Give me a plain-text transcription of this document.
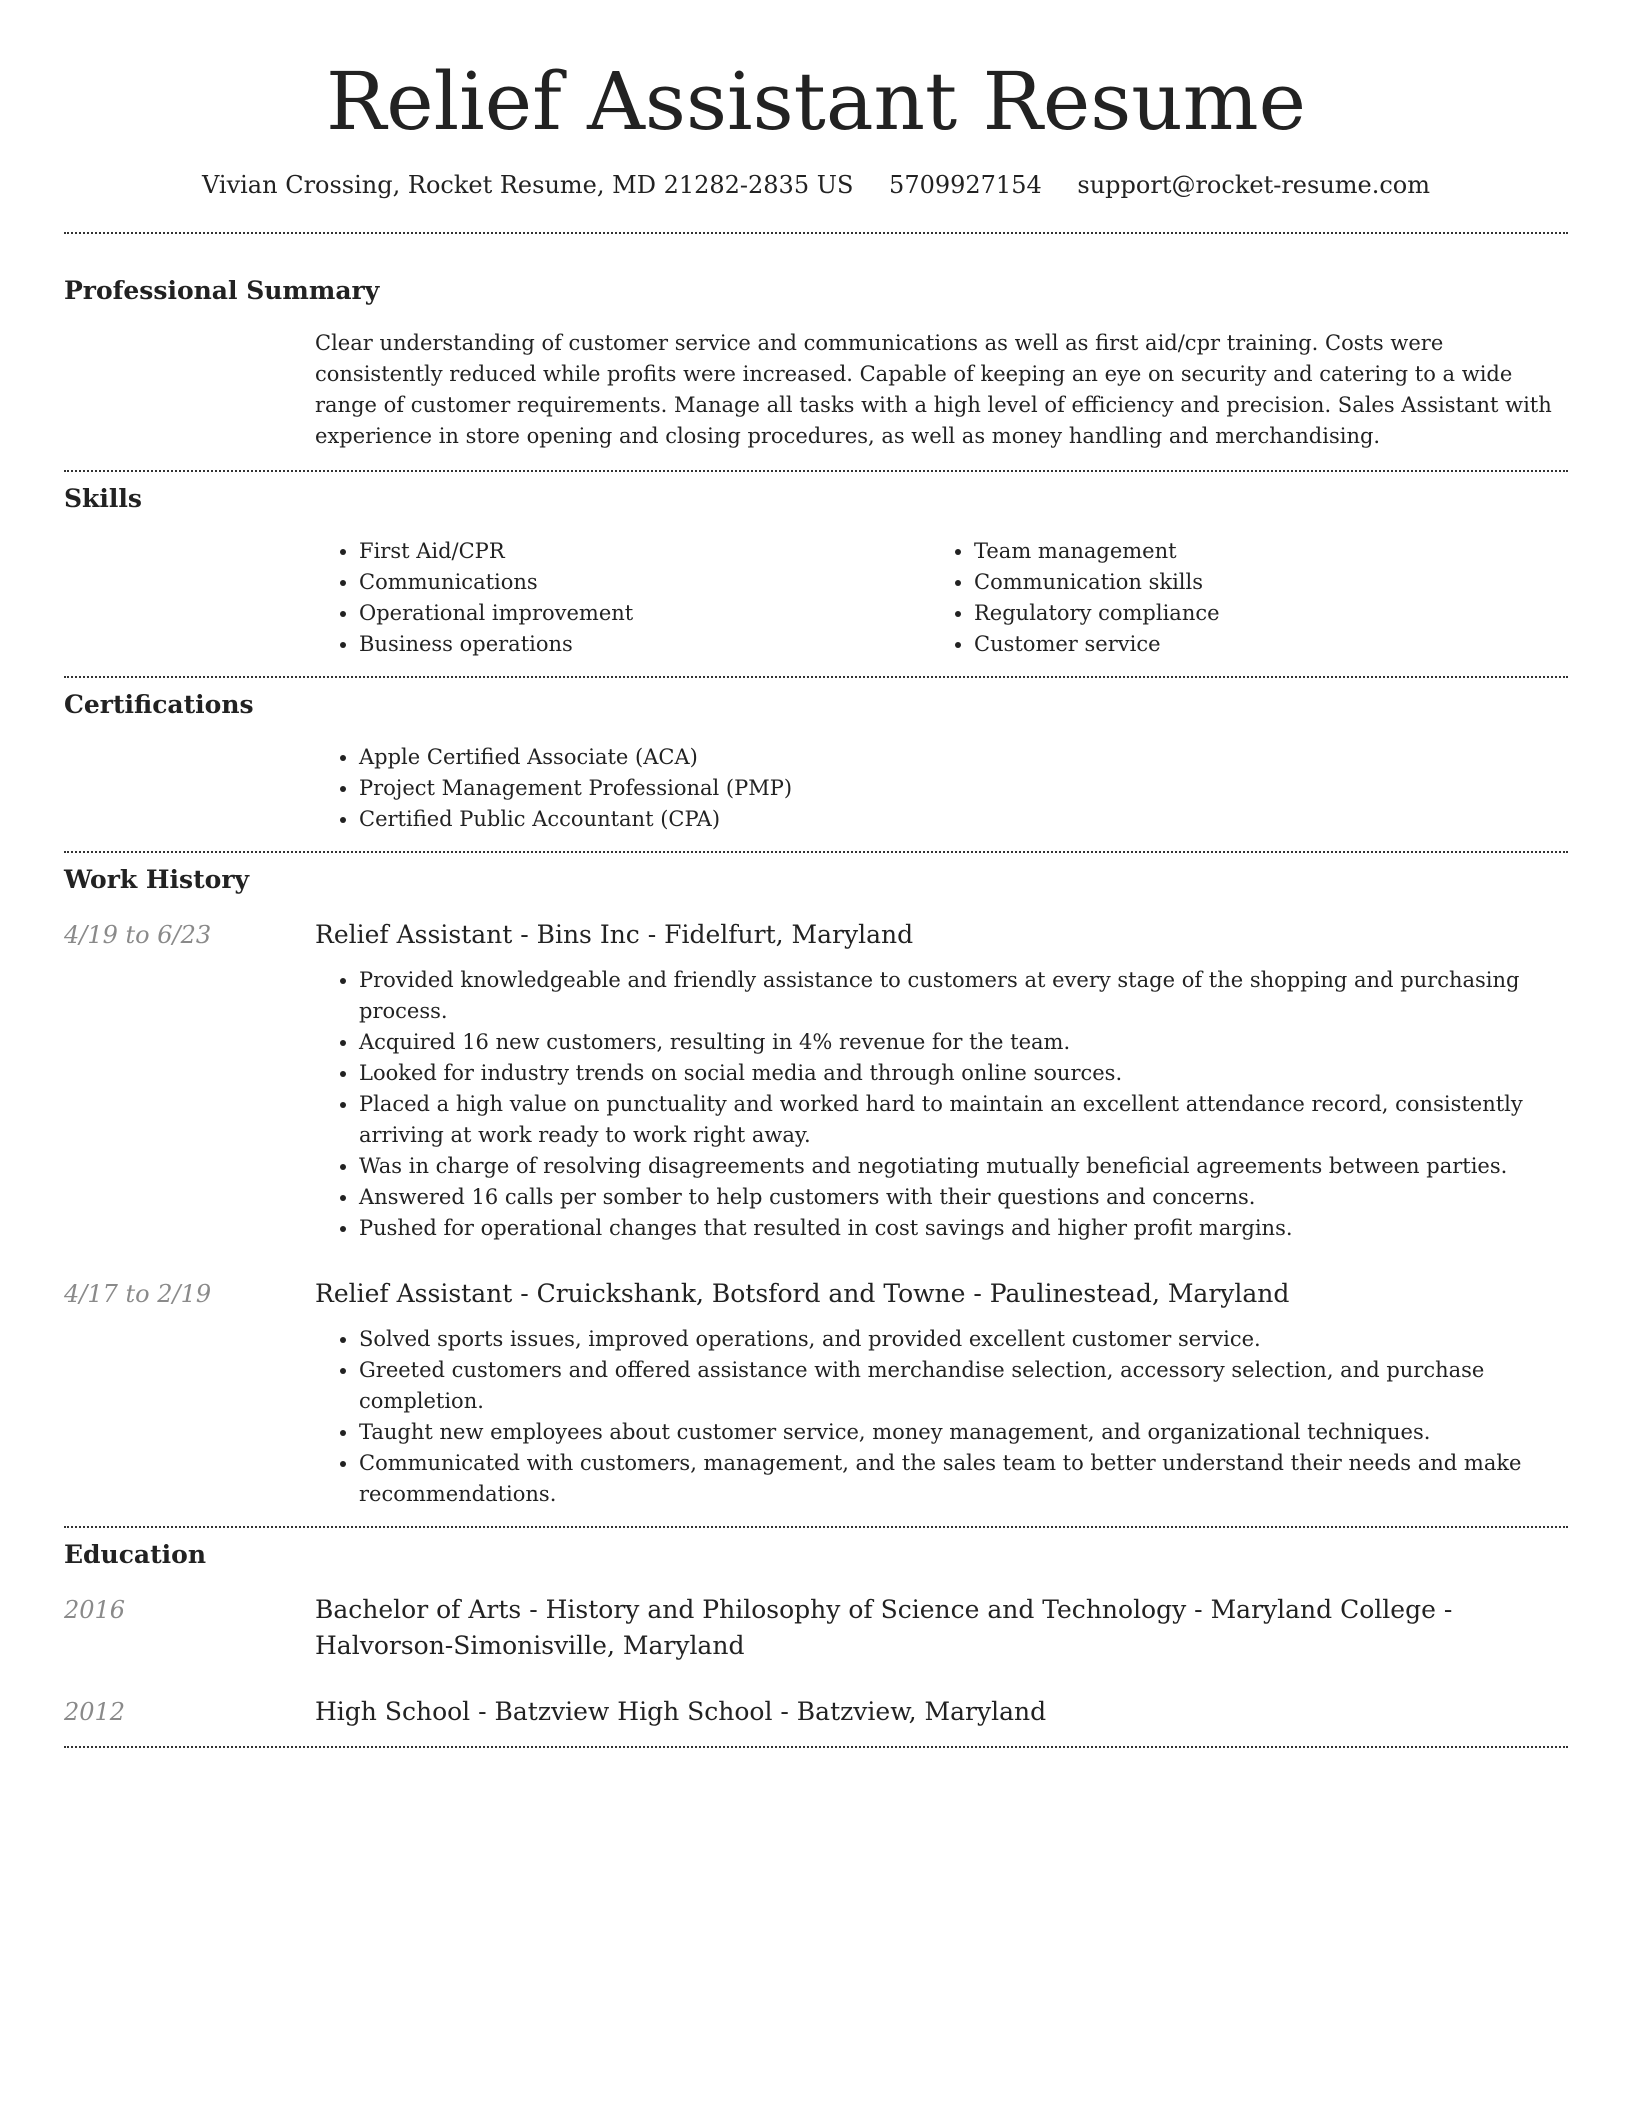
Relief Assistant Resume
Vivian Crossing, Rocket Resume, MD 21282-2835 US 5709927154 support@rocket-resume.com
Professional Summary

Clear understanding of customer service and communications as well as first aid/cpr training. Costs were consistently reduced while profits were increased. Capable of keeping an eye on security and catering to a wide range of customer requirements. Manage all tasks with a high level of efficiency and precision. Sales Assistant with experience in store opening and closing procedures, as well as money handling and merchandising.

Skills
• First Aid/CPR
• Communications
• Operational improvement
• Business operations
• Team management
• Communication skills
• Regulatory compliance
• Customer service
Certifications
• Apple Certified Associate (ACA)
• Project Management Professional (PMP)
• Certified Public Accountant (CPA)
Work History
4/19 to 6/23	Relief Assistant - Bins Inc - Fidelfurt, Maryland
• Provided knowledgeable and friendly assistance to customers at every stage of the shopping and purchasing process.
• Acquired 16 new customers, resulting in 4% revenue for the team.
• Looked for industry trends on social media and through online sources.
• Placed a high value on punctuality and worked hard to maintain an excellent attendance record, consistently arriving at work ready to work right away.
• Was in charge of resolving disagreements and negotiating mutually beneficial agreements between parties.
• Answered 16 calls per somber to help customers with their questions and concerns.
• Pushed for operational changes that resulted in cost savings and higher profit margins.
4/17 to 2/19	Relief Assistant - Cruickshank, Botsford and Towne - Paulinestead, Maryland
• Solved sports issues, improved operations, and provided excellent customer service.
• Greeted customers and offered assistance with merchandise selection, accessory selection, and purchase completion.
• Taught new employees about customer service, money management, and organizational techniques.
• Communicated with customers, management, and the sales team to better understand their needs and make recommendations.
Education
2016	Bachelor of Arts - History and Philosophy of Science and Technology - Maryland College - Halvorson-Simonisville, Maryland
2012	High School - Batzview High School - Batzview, Maryland
